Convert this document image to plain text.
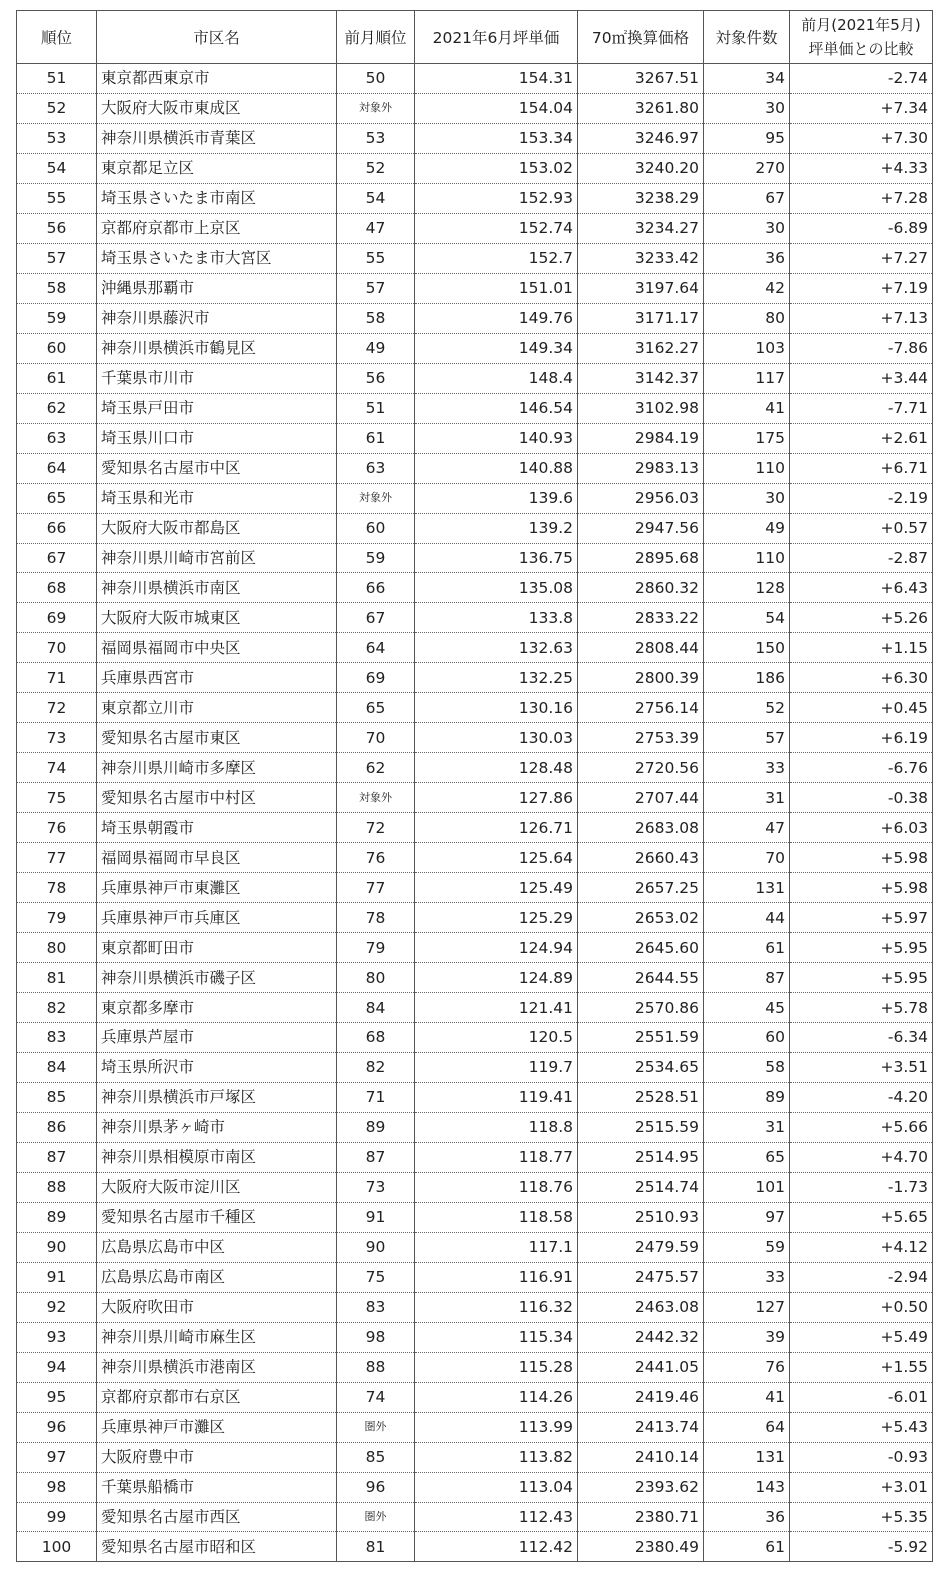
順位	市区名	前月順位	2021年6月坪単価	70㎡換算価格	対象件数	前月(2021年5月)
坪単価との比較

51	東京都西東京市	50	154.31	3267.51	34	-2.74
52	大阪府大阪市東成区	対象外	154.04	3261.80	30	+7.34
53	神奈川県横浜市青葉区	53	153.34	3246.97	95	+7.30
54	東京都足立区	52	153.02	3240.20	270	+4.33
55	埼玉県さいたま市南区	54	152.93	3238.29	67	+7.28
56	京都府京都市上京区	47	152.74	3234.27	30	-6.89
57	埼玉県さいたま市大宮区	55	152.7	3233.42	36	+7.27
58	沖縄県那覇市	57	151.01	3197.64	42	+7.19
59	神奈川県藤沢市	58	149.76	3171.17	80	+7.13
60	神奈川県横浜市鶴見区	49	149.34	3162.27	103	-7.86
61	千葉県市川市	56	148.4	3142.37	117	+3.44
62	埼玉県戸田市	51	146.54	3102.98	41	-7.71
63	埼玉県川口市	61	140.93	2984.19	175	+2.61
64	愛知県名古屋市中区	63	140.88	2983.13	110	+6.71
65	埼玉県和光市	対象外	139.6	2956.03	30	-2.19
66	大阪府大阪市都島区	60	139.2	2947.56	49	+0.57
67	神奈川県川崎市宮前区	59	136.75	2895.68	110	-2.87
68	神奈川県横浜市南区	66	135.08	2860.32	128	+6.43
69	大阪府大阪市城東区	67	133.8	2833.22	54	+5.26
70	福岡県福岡市中央区	64	132.63	2808.44	150	+1.15
71	兵庫県西宮市	69	132.25	2800.39	186	+6.30
72	東京都立川市	65	130.16	2756.14	52	+0.45
73	愛知県名古屋市東区	70	130.03	2753.39	57	+6.19
74	神奈川県川崎市多摩区	62	128.48	2720.56	33	-6.76
75	愛知県名古屋市中村区	対象外	127.86	2707.44	31	-0.38
76	埼玉県朝霞市	72	126.71	2683.08	47	+6.03
77	福岡県福岡市早良区	76	125.64	2660.43	70	+5.98
78	兵庫県神戸市東灘区	77	125.49	2657.25	131	+5.98
79	兵庫県神戸市兵庫区	78	125.29	2653.02	44	+5.97
80	東京都町田市	79	124.94	2645.60	61	+5.95
81	神奈川県横浜市磯子区	80	124.89	2644.55	87	+5.95
82	東京都多摩市	84	121.41	2570.86	45	+5.78
83	兵庫県芦屋市	68	120.5	2551.59	60	-6.34
84	埼玉県所沢市	82	119.7	2534.65	58	+3.51
85	神奈川県横浜市戸塚区	71	119.41	2528.51	89	-4.20
86	神奈川県茅ヶ崎市	89	118.8	2515.59	31	+5.66
87	神奈川県相模原市南区	87	118.77	2514.95	65	+4.70
88	大阪府大阪市淀川区	73	118.76	2514.74	101	-1.73
89	愛知県名古屋市千種区	91	118.58	2510.93	97	+5.65
90	広島県広島市中区	90	117.1	2479.59	59	+4.12
91	広島県広島市南区	75	116.91	2475.57	33	-2.94
92	大阪府吹田市	83	116.32	2463.08	127	+0.50
93	神奈川県川崎市麻生区	98	115.34	2442.32	39	+5.49
94	神奈川県横浜市港南区	88	115.28	2441.05	76	+1.55
95	京都府京都市右京区	74	114.26	2419.46	41	-6.01
96	兵庫県神戸市灘区	圏外	113.99	2413.74	64	+5.43
97	大阪府豊中市	85	113.82	2410.14	131	-0.93
98	千葉県船橋市	96	113.04	2393.62	143	+3.01
99	愛知県名古屋市西区	圏外	112.43	2380.71	36	+5.35
100	愛知県名古屋市昭和区	81	112.42	2380.49	61	-5.92
